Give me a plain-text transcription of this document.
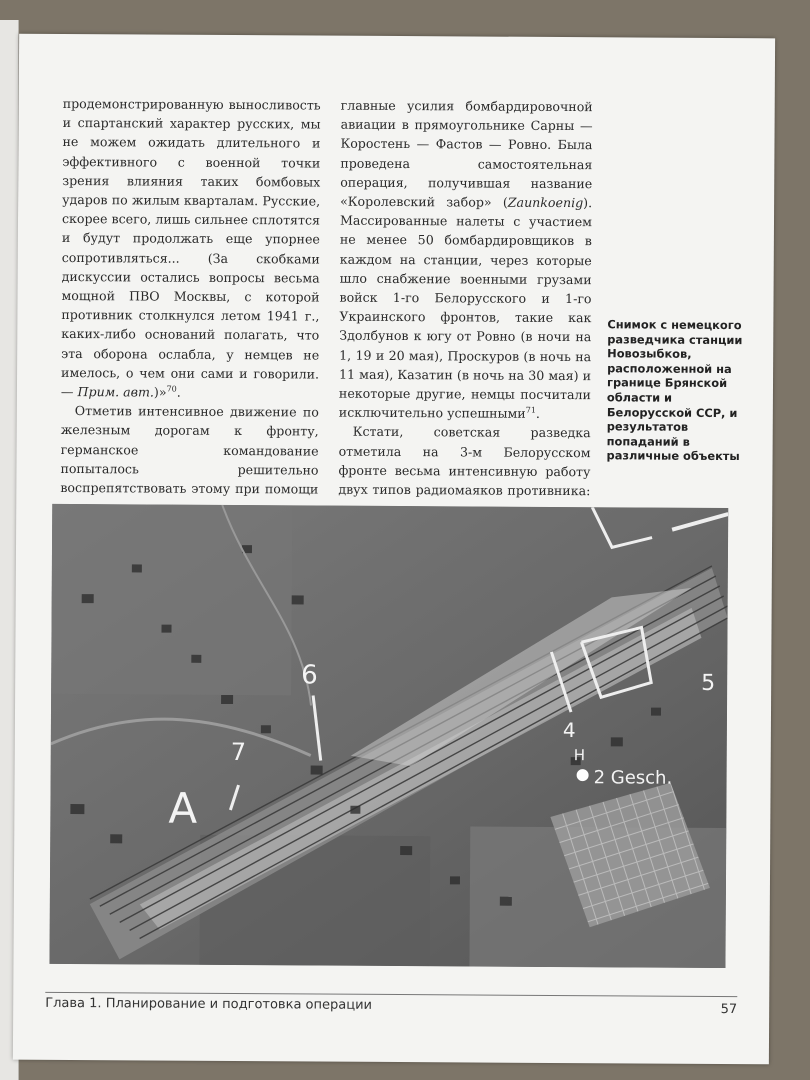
продемонстрированную выносливость и спартанский характер русских, мы не можем ожидать длительного и эффективного с военной точки зрения влияния таких бомбовых ударов по жилым кварталам. Русские, скорее всего, лишь сильнее сплотятся и будут продолжать еще упорнее сопротивляться... (За скобками дискуссии остались вопросы весьма мощной ПВО Москвы, с которой противник столкнулся летом 1941 г., каких-либо оснований полагать, что эта оборона ослабла, у немцев не имелось, о чем они сами и говорили. — Прим. авт.)»$^{70}$.

Отметив интенсивное движение по железным дорогам к фронту, германское командование попыталось решительно воспрепятствовать этому при помощи

главные усилия бомбардировочной авиации в прямоугольнике Сарны — Коростень — Фастов — Ровно. Была проведена самостоятельная операция, получившая название «Королевский забор» (Zaunkoenig). Массированные налеты с участием не менее 50 бомбардировщиков в каждом на станции, через которые шло снабжение военными грузами войск 1-го Белорусского и 1-го Украинского фронтов, такие как Здолбунов к югу от Ровно (в ночи на 1, 19 и 20 мая), Проскуров (в ночь на 11 мая), Казатин (в ночь на 30 мая) и некоторые другие, немцы посчитали исключительно успешными$^{71}$.

Кстати, советская разведка отметила на 3-м Белорусском фронте весьма интенсивную работу двух типов радиомаяков противника:

Снимок с немецкого разведчика станции Новозыбков, расположенной на границе Брянской области и Белорусской ССР, и результатов попаданий в различные объекты
A
6
7
4
5
H
2 Gesch.
Глава 1. Планирование и подготовка операции	57
